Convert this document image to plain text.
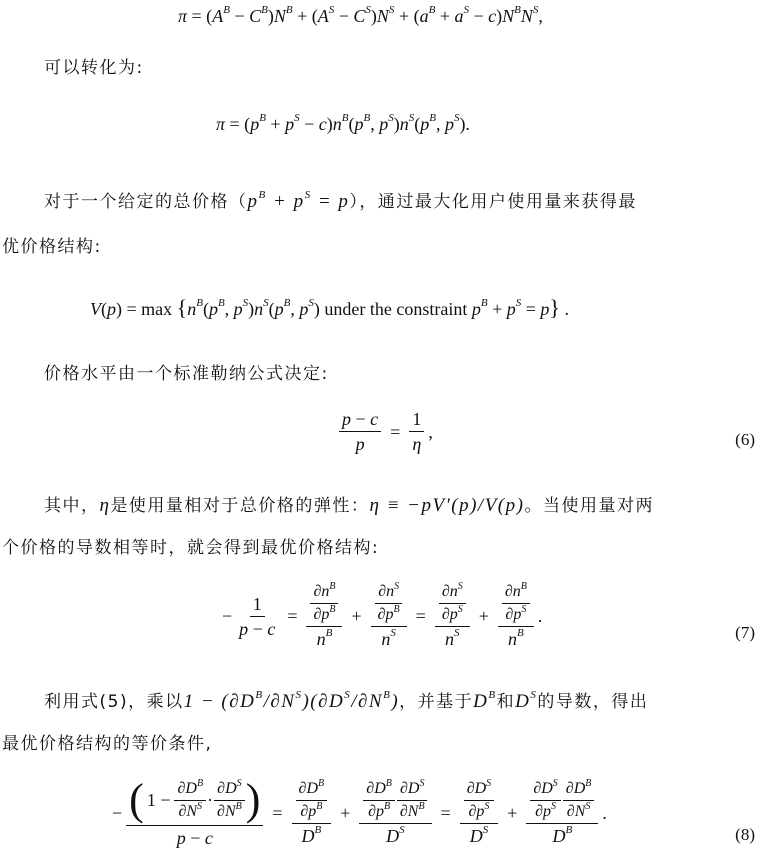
$\pi = (A^B - C^B)N^B + (A^S - C^S)N^S + (a^B + a^S - c)N^BN^S$,
可以转化为:
$\pi = (p^B + p^S - c)n^B(p^B$, $p^S)n^S(p^B$, $p^S$).
对于一个给定的总价格$(p^B + p^S = p)$，通过最大化用户使用量来获得最
优价格结构:
$V(p) = \max \{n^B(p^B$, $p^S)n^S(p^B$, $p^S$) under the constraint $p^B + p^S = p$} .
价格水平由一个标准勒纳公式决定:
$\frac{p - c}{p} = \frac{1}{\eta}$ ,	(6)
其中，η是使用量相对于总价格的弹性：η ≡ −pV′(p)/V(p)。当使用量对两
个价格的导数相等时，就会得到最优价格结构:
− $\frac{1}{p - c} = \frac{\frac{\partial n^B}{\partial p^B}}{n^B} + \frac{\frac{\partial n^S}{\partial p^B}}{n^S} = \frac{\frac{\partial n^S}{\partial p^S}}{n^S} + \frac{\frac{\partial n^B}{\partial p^S}}{n^B}$ .
(7)
利用式(5)，乘以$1 - (\partial D^B/\partial N^S)(\partial D^S/\partial N^B)$，并基于$D^B$和$D^S$的导数，得出
最优价格结构的等价条件,
− $\frac{( 1 - \frac{\partial D^B}{\partial N^S} \cdot \frac{\partial D^S}{\partial N^B} )}{p - c} = \frac{\frac{\partial D^B}{\partial p^B}}{D^B} + \frac{\frac{\partial D^B}{\partial p^B} \frac{\partial D^S}{\partial N^B}}{D^S} = \frac{\frac{\partial D^S}{\partial p^S}}{D^S} + \frac{\frac{\partial D^S}{\partial p^S} \frac{\partial D^B}{\partial N^S}}{D^B}$ .
(8)
